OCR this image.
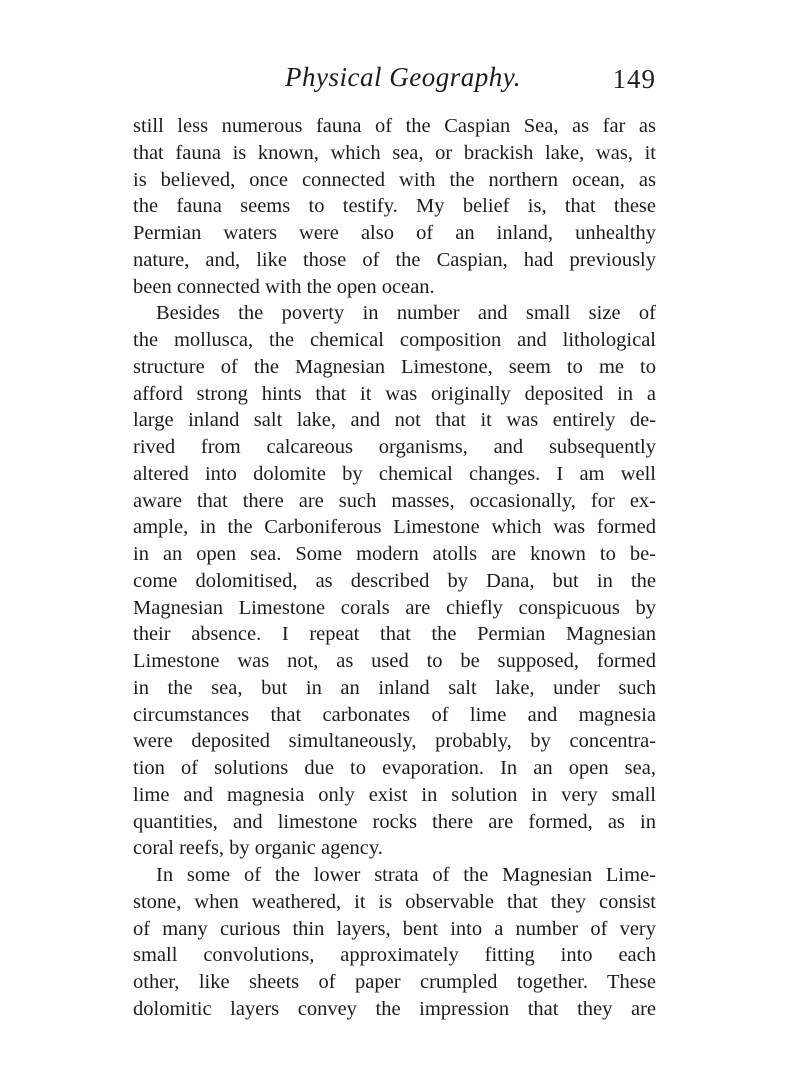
Physical Geography.	149
still less numerous fauna of the Caspian Sea, as far as
that fauna is known, which sea, or brackish lake, was, it
is believed, once connected with the northern ocean, as
the fauna seems to testify. My belief is, that these
Permian waters were also of an inland, unhealthy
nature, and, like those of the Caspian, had previously
been connected with the open ocean.
Besides the poverty in number and small size of
the mollusca, the chemical composition and lithological
structure of the Magnesian Limestone, seem to me to
afford strong hints that it was originally deposited in a
large inland salt lake, and not that it was entirely de-
rived from calcareous organisms, and subsequently
altered into dolomite by chemical changes. I am well
aware that there are such masses, occasionally, for ex-
ample, in the Carboniferous Limestone which was formed
in an open sea. Some modern atolls are known to be-
come dolomitised, as described by Dana, but in the
Magnesian Limestone corals are chiefly conspicuous by
their absence. I repeat that the Permian Magnesian
Limestone was not, as used to be supposed, formed
in the sea, but in an inland salt lake, under such
circumstances that carbonates of lime and magnesia
were deposited simultaneously, probably, by concentra-
tion of solutions due to evaporation. In an open sea,
lime and magnesia only exist in solution in very small
quantities, and limestone rocks there are formed, as in
coral reefs, by organic agency.
In some of the lower strata of the Magnesian Lime-
stone, when weathered, it is observable that they consist
of many curious thin layers, bent into a number of very
small convolutions, approximately fitting into each
other, like sheets of paper crumpled together. These
dolomitic layers convey the impression that they are
